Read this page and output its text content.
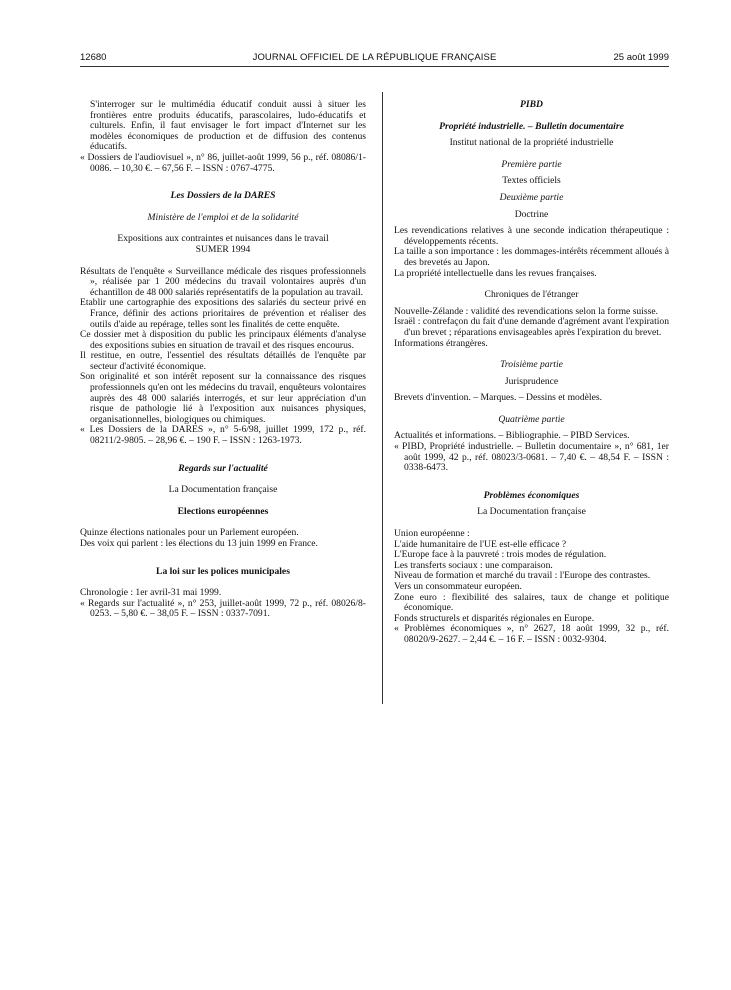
12680	JOURNAL OFFICIEL DE LA RÉPUBLIQUE FRANÇAISE	25 août 1999

S'interroger sur le multimédia éducatif conduit aussi à situer les frontières entre produits éducatifs, parascolaires, ludo-éducatifs et culturels. Enfin, il faut envisager le fort impact d'Internet sur les modèles économiques de production et de diffusion des contenus éducatifs.

« Dossiers de l'audiovisuel », n° 86, juillet-août 1999, 56 p., réf. 08086/1-0086. – 10,30 €. – 67,56 F. – ISSN : 0767-4775.

Les Dossiers de la DARES

Ministère de l'emploi et de la solidarité

Expositions aux contraintes et nuisances dans le travail

SUMER 1994

Résultats de l'enquête « Surveillance médicale des risques professionnels », réalisée par 1 200 médecins du travail volontaires auprès d'un échantillon de 48 000 salariés représentatifs de la population au travail.

Etablir une cartographie des expositions des salariés du secteur privé en France, définir des actions prioritaires de prévention et réaliser des outils d'aide au repérage, telles sont les finalités de cette enquête.

Ce dossier met à disposition du public les principaux éléments d'analyse des expositions subies en situation de travail et des risques encourus.

Il restitue, en outre, l'essentiel des résultats détaillés de l'enquête par secteur d'activité économique.

Son originalité et son intérêt reposent sur la connaissance des risques professionnels qu'en ont les médecins du travail, enquêteurs volontaires auprès des 48 000 salariés interrogés, et sur leur appréciation d'un risque de pathologie lié à l'exposition aux nuisances physiques, organisationnelles, biologiques ou chimiques.

« Les Dossiers de la DARES », n° 5-6/98, juillet 1999, 172 p., réf. 08211/2-9805. – 28,96 €. – 190 F. – ISSN : 1263-1973.

Regards sur l'actualité

La Documentation française

Elections européennes

Quinze élections nationales pour un Parlement européen.

Des voix qui parlent : les élections du 13 juin 1999 en France.

La loi sur les polices municipales

Chronologie : 1er avril-31 mai 1999.

« Regards sur l'actualité », n° 253, juillet-août 1999, 72 p., réf. 08026/8-0253. – 5,80 €. – 38,05 F. – ISSN : 0337-7091.

PIBD

Propriété industrielle. – Bulletin documentaire

Institut national de la propriété industrielle

Première partie

Textes officiels

Deuxième partie

Doctrine

Les revendications relatives à une seconde indication thérapeutique : développements récents.

La taille a son importance : les dommages-intérêts récemment alloués à des brevetés au Japon.

La propriété intellectuelle dans les revues françaises.

Chroniques de l'étranger

Nouvelle-Zélande : validité des revendications selon la forme suisse.

Israël : contrefaçon du fait d'une demande d'agrément avant l'expiration d'un brevet ; réparations envisageables après l'expiration du brevet.

Informations étrangères.

Troisième partie

Jurisprudence

Brevets d'invention. – Marques. – Dessins et modèles.

Quatrième partie

Actualités et informations. – Bibliographie. – PIBD Services.

« PIBD, Propriété industrielle. – Bulletin documentaire », n° 681, 1er août 1999, 42 p., réf. 08023/3-0681. – 7,40 €. – 48,54 F. – ISSN : 0338-6473.

Problèmes économiques

La Documentation française

Union européenne :

L'aide humanitaire de l'UE est-elle efficace ?

L'Europe face à la pauvreté : trois modes de régulation.

Les transferts sociaux : une comparaison.

Niveau de formation et marché du travail : l'Europe des contrastes.

Vers un consommateur européen.

Zone euro : flexibilité des salaires, taux de change et politique économique.

Fonds structurels et disparités régionales en Europe.

« Problèmes économiques », n° 2627, 18 août 1999, 32 p., réf. 08020/9-2627. – 2,44 €. – 16 F. – ISSN : 0032-9304.
